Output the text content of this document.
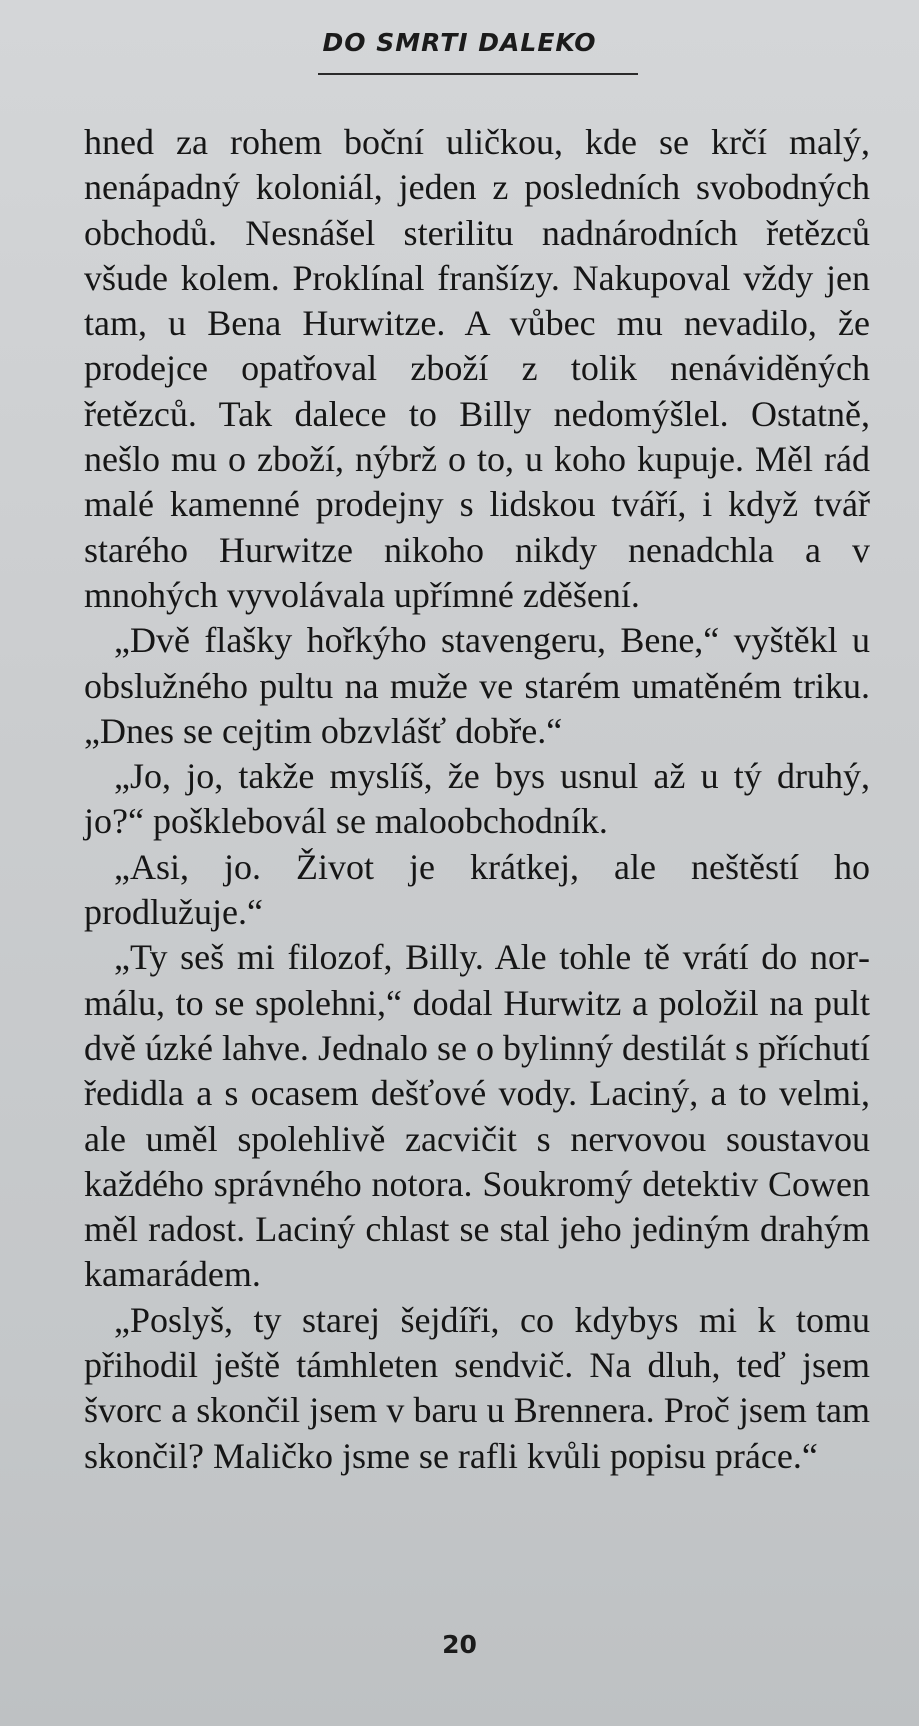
DO SMRTI DALEKO

hned za rohem boční uličkou, kde se krčí malý, nenápadný koloniál, jeden z posledních svobodných obchodů. Nesnášel sterilitu nadnárodních řetězců všude kolem. Proklínal franšízy. Nakupoval vždy jen tam, u Bena Hurwitze. A vůbec mu nevadilo, že prodejce opatřoval zboží z tolik nenáviděných řetězců. Tak dalece to Billy nedomýšlel. Ostatně, nešlo mu o zboží, nýbrž o to, u koho kupuje. Měl rád malé kamenné prodejny s lidskou tváří, i když tvář starého Hurwitze nikoho nikdy nenadchla a v mnohých vyvolávala upřímné zděšení.

„Dvě flašky hořkýho stavengeru, Bene,“ vyštěkl u obslužného pultu na muže ve starém umatěném triku. „Dnes se cejtim obzvlášť dobře.“

„Jo, jo, takže myslíš, že bys usnul až u tý druhý, jo?“ pošklebovál se maloobchodník.

„Asi, jo. Život je krátkej, ale neštěstí ho prodlužuje.“

„Ty seš mi filozof, Billy. Ale tohle tě vrátí do normálu, to se spolehni,“ dodal Hurwitz a položil na pult dvě úzké lahve. Jednalo se o bylinný destilát s příchutí ředidla a s ocasem dešťové vody. Laciný, a to velmi, ale uměl spolehlivě zacvičit s nervovou soustavou každého správného notora. Soukromý detektiv Cowen měl radost. Laciný chlast se stal jeho jediným drahým kamarádem.

„Poslyš, ty starej šejdíři, co kdybys mi k tomu přihodil ještě támhleten sendvič. Na dluh, teď jsem švorc a skončil jsem v baru u Brennera. Proč jsem tam skončil? Maličko jsme se rafli kvůli popisu práce.“

20
